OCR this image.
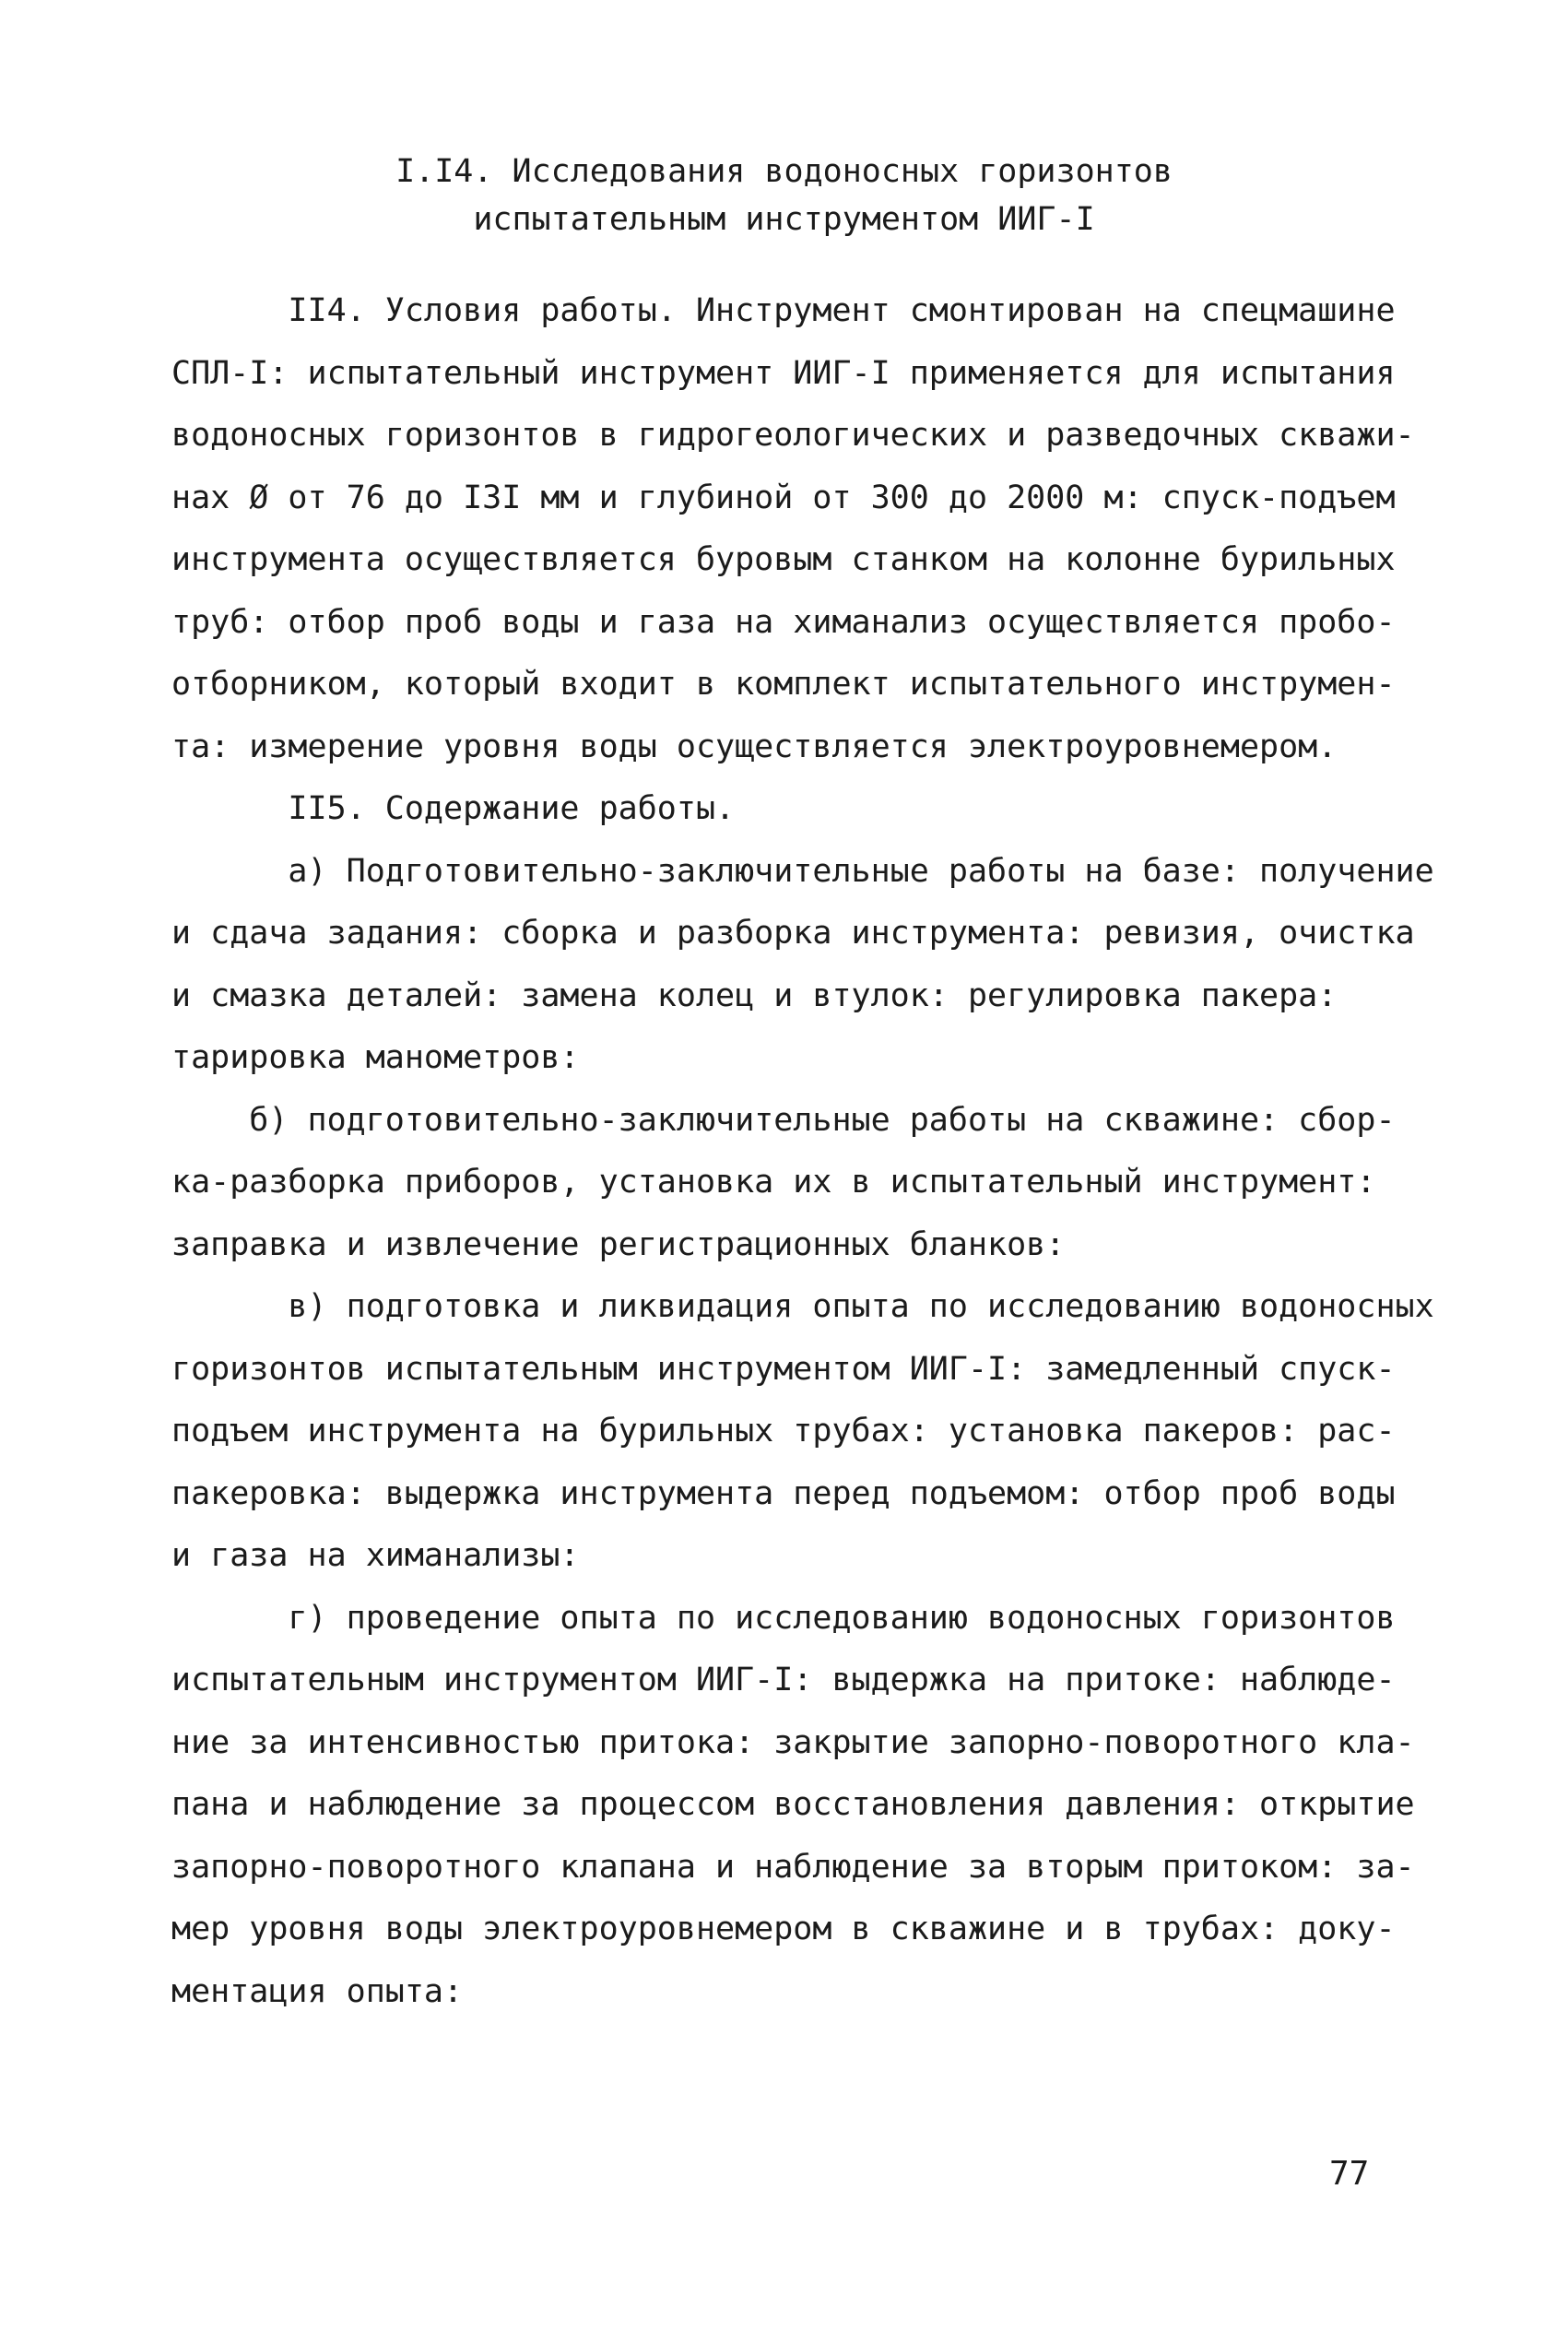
I.I4. Исследования водоносных горизонтов
испытательным инструментом ИИГ-I
II4. Условия работы. Инструмент смонтирован на спецмашине
СПЛ-I: испытательный инструмент ИИГ-I применяется для испытания
водоносных горизонтов в гидрогеологических и разведочных скважи-
нах Ø от 76 до I3I мм и глубиной от 300 до 2000 м: спуск-подъем
инструмента осуществляется буровым станком на колонне бурильных
труб: отбор проб воды и газа на химанализ осуществляется пробо-
отборником, который входит в комплект испытательного инструмен-
та: измерение уровня воды осуществляется электроуровнемером.
II5. Содержание работы.
а) Подготовительно-заключительные работы на базе: получение
и сдача задания: сборка и разборка инструмента: ревизия, очистка
и смазка деталей: замена колец и втулок: регулировка пакера:
тарировка манометров:
б) подготовительно-заключительные работы на скважине: сбор-
ка-разборка приборов, установка их в испытательный инструмент:
заправка и извлечение регистрационных бланков:
в) подготовка и ликвидация опыта по исследованию водоносных
горизонтов испытательным инструментом ИИГ-I: замедленный спуск-
подъем инструмента на бурильных трубах: установка пакеров: рас-
пакеровка: выдержка инструмента перед подъемом: отбор проб воды
и газа на химанализы:
г) проведение опыта по исследованию водоносных горизонтов
испытательным инструментом ИИГ-I: выдержка на притоке: наблюде-
ние за интенсивностью притока: закрытие запорно-поворотного кла-
пана и наблюдение за процессом восстановления давления: открытие
запорно-поворотного клапана и наблюдение за вторым притоком: за-
мер уровня воды электроуровнемером в скважине и в трубах: доку-
ментация опыта:
77
